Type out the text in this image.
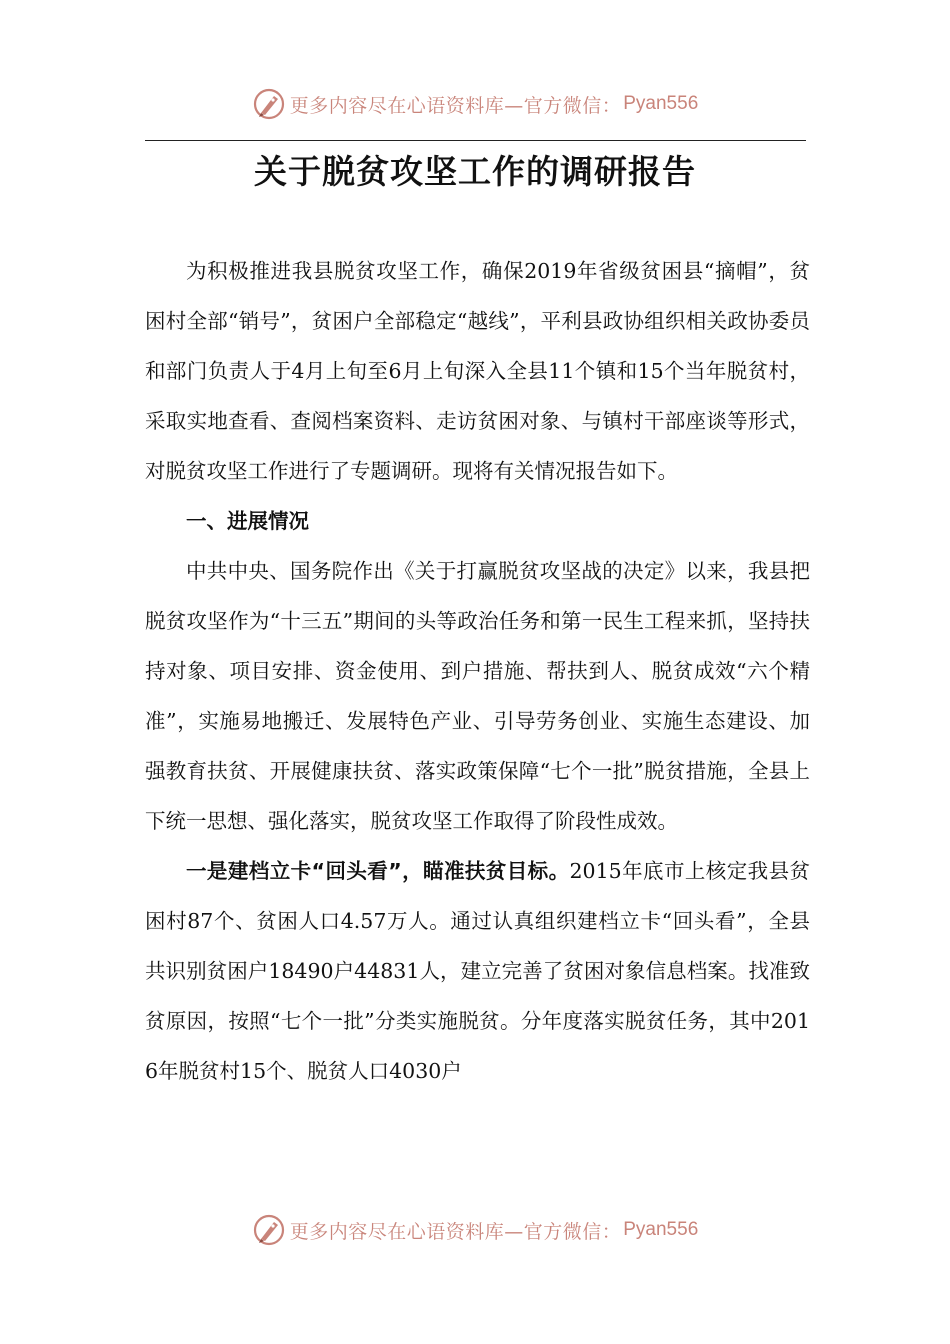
更多内容尽在心语资料库—官方微信： Pyan556
关于脱贫攻坚工作的调研报告

为积极推进我县脱贫攻坚工作，确保2019年省级贫困县“摘帽”，贫困村全部“销号”，贫困户全部稳定“越线”，平利县政协组织相关政协委员和部门负责人于4月上旬至6月上旬深入全县11个镇和15个当年脱贫村，采取实地查看、查阅档案资料、走访贫困对象、与镇村干部座谈等形式，对脱贫攻坚工作进行了专题调研。现将有关情况报告如下。

一、进展情况

中共中央、国务院作出《关于打赢脱贫攻坚战的决定》以来，我县把脱贫攻坚作为“十三五”期间的头等政治任务和第一民生工程来抓，坚持扶持对象、项目安排、资金使用、到户措施、帮扶到人、脱贫成效“六个精准”，实施易地搬迁、发展特色产业、引导劳务创业、实施生态建设、加强教育扶贫、开展健康扶贫、落实政策保障“七个一批”脱贫措施，全县上下统一思想、强化落实，脱贫攻坚工作取得了阶段性成效。

一是建档立卡“回头看”，瞄准扶贫目标。2015年底市上核定我县贫困村87个、贫困人口4.57万人。通过认真组织建档立卡“回头看”，全县共识别贫困户18490户44831人，建立完善了贫困对象信息档案。找准致贫原因，按照“七个一批”分类实施脱贫。分年度落实脱贫任务，其中2016年脱贫村15个、脱贫人口4030户

更多内容尽在心语资料库—官方微信： Pyan556
